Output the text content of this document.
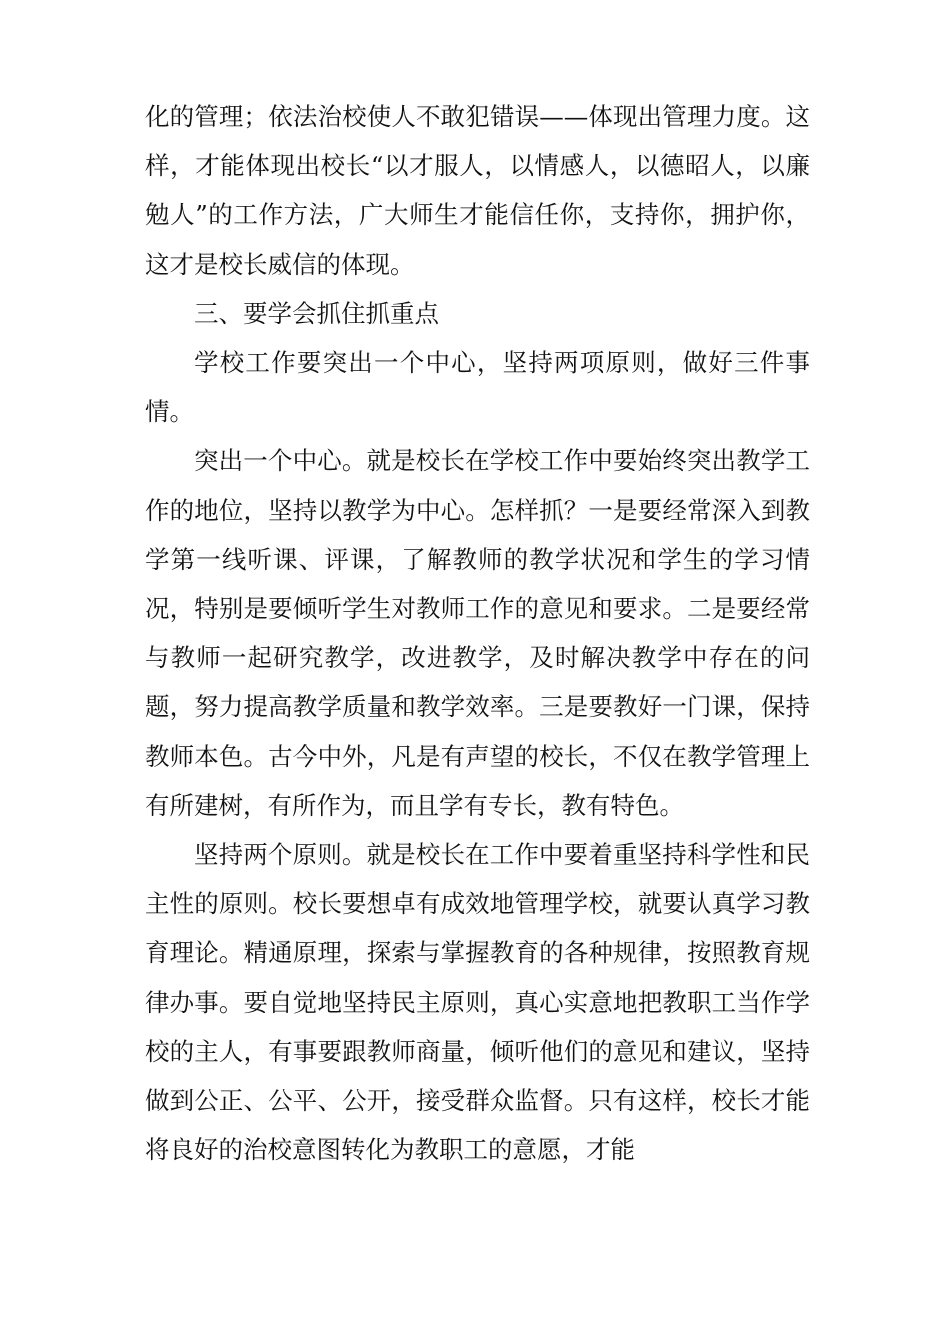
化的管理；依法治校使人不敢犯错误——体现出管理力度。这样，才能体现出校长“以才服人，以情感人，以德昭人，以廉勉人”的工作方法，广大师生才能信任你，支持你，拥护你，这才是校长威信的体现。

三、要学会抓住抓重点

学校工作要突出一个中心，坚持两项原则，做好三件事情。

突出一个中心。就是校长在学校工作中要始终突出教学工作的地位，坚持以教学为中心。怎样抓？一是要经常深入到教学第一线听课、评课，了解教师的教学状况和学生的学习情况，特别是要倾听学生对教师工作的意见和要求。二是要经常与教师一起研究教学，改进教学，及时解决教学中存在的问题，努力提高教学质量和教学效率。三是要教好一门课，保持教师本色。古今中外，凡是有声望的校长，不仅在教学管理上有所建树，有所作为，而且学有专长，教有特色。

坚持两个原则。就是校长在工作中要着重坚持科学性和民主性的原则。校长要想卓有成效地管理学校，就要认真学习教育理论。精通原理，探索与掌握教育的各种规律，按照教育规律办事。要自觉地坚持民主原则，真心实意地把教职工当作学校的主人，有事要跟教师商量，倾听他们的意见和建议，坚持做到公正、公平、公开，接受群众监督。只有这样，校长才能将良好的治校意图转化为教职工的意愿，才能
